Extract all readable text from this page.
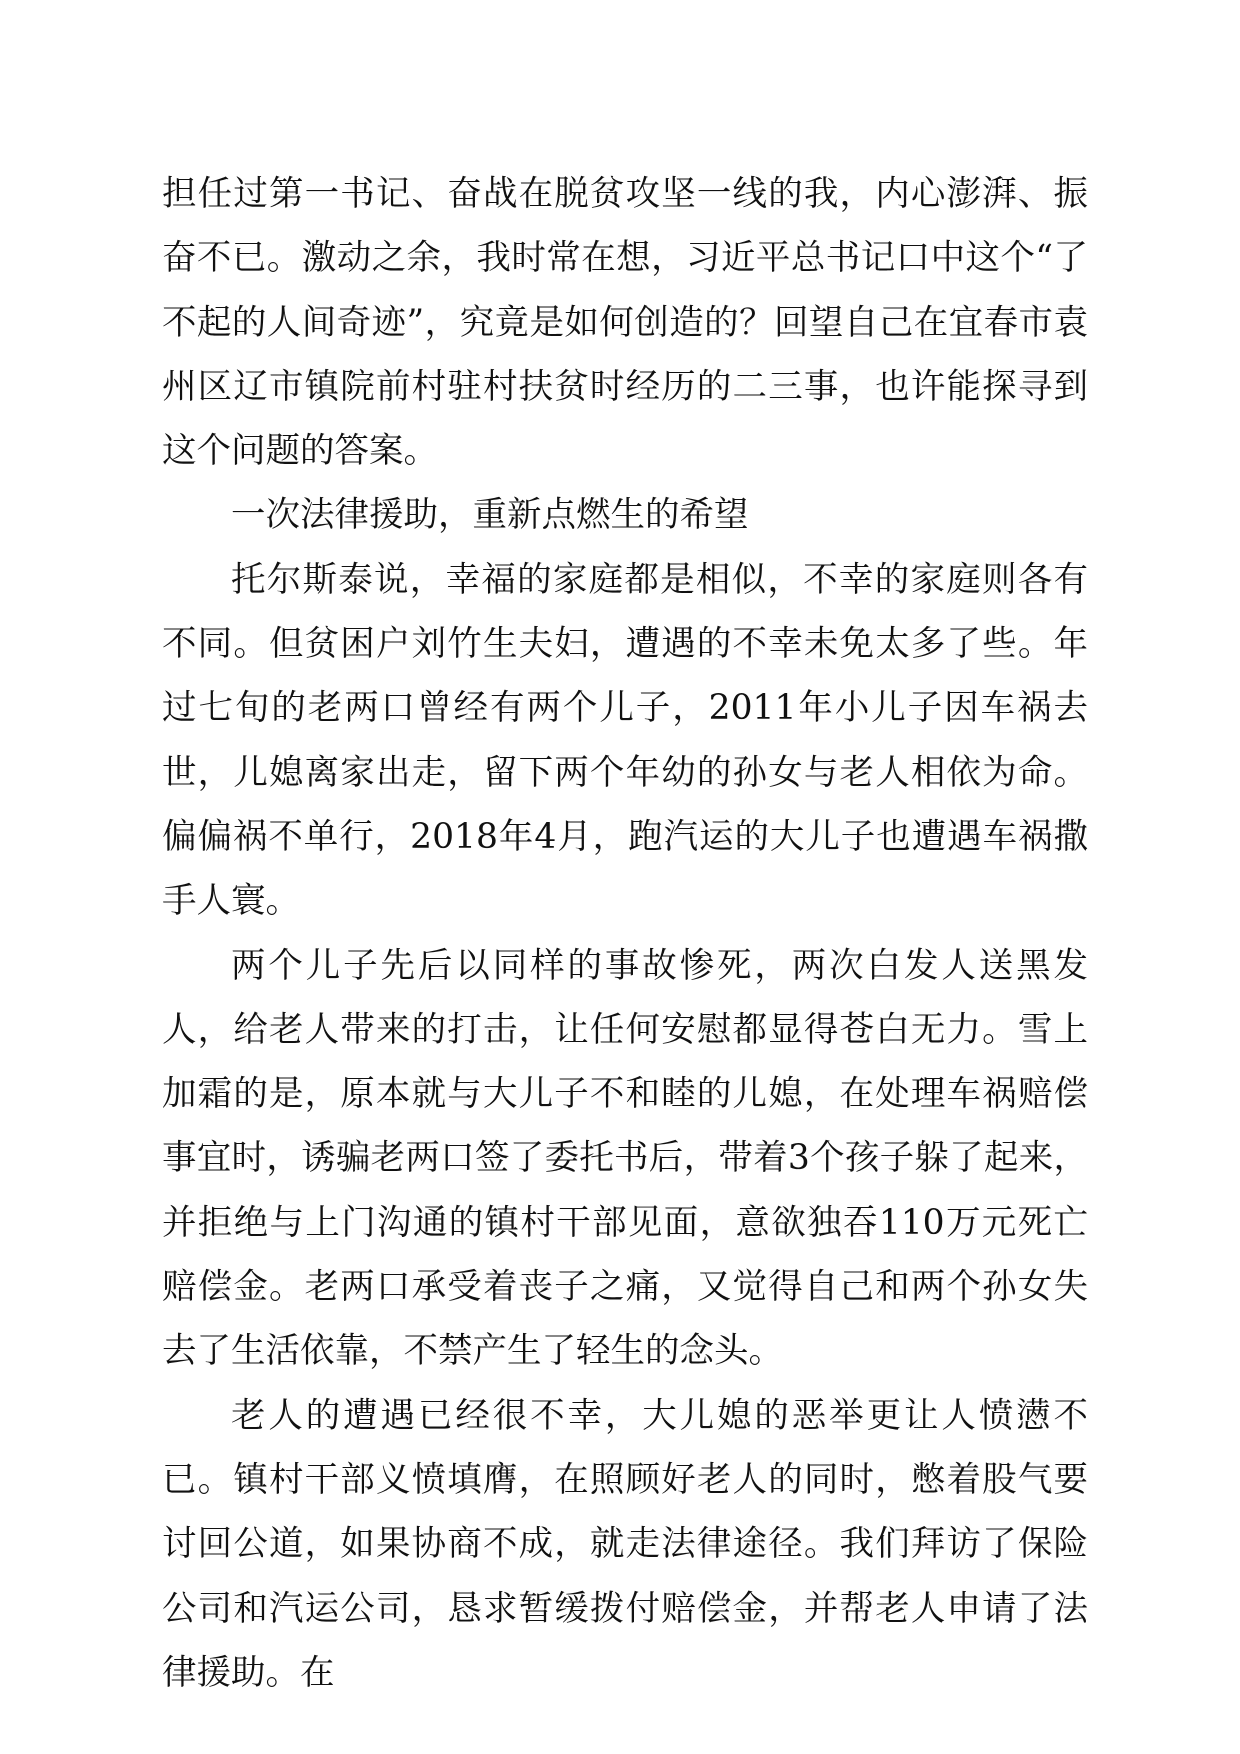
担任过第一书记、奋战在脱贫攻坚一线的我，内心澎湃、振奋不已。激动之余，我时常在想，习近平总书记口中这个“了不起的人间奇迹”，究竟是如何创造的？回望自己在宜春市袁州区辽市镇院前村驻村扶贫时经历的二三事，也许能探寻到这个问题的答案。

一次法律援助，重新点燃生的希望

托尔斯泰说，幸福的家庭都是相似，不幸的家庭则各有不同。但贫困户刘竹生夫妇，遭遇的不幸未免太多了些。年过七旬的老两口曾经有两个儿子，2011年小儿子因车祸去世，儿媳离家出走，留下两个年幼的孙女与老人相依为命。偏偏祸不单行，2018年4月，跑汽运的大儿子也遭遇车祸撒手人寰。

两个儿子先后以同样的事故惨死，两次白发人送黑发人，给老人带来的打击，让任何安慰都显得苍白无力。雪上加霜的是，原本就与大儿子不和睦的儿媳，在处理车祸赔偿事宜时，诱骗老两口签了委托书后，带着3个孩子躲了起来，并拒绝与上门沟通的镇村干部见面，意欲独吞110万元死亡赔偿金。老两口承受着丧子之痛，又觉得自己和两个孙女失去了生活依靠，不禁产生了轻生的念头。

老人的遭遇已经很不幸，大儿媳的恶举更让人愤懑不已。镇村干部义愤填膺，在照顾好老人的同时，憋着股气要讨回公道，如果协商不成，就走法律途径。我们拜访了保险公司和汽运公司，恳求暂缓拨付赔偿金，并帮老人申请了法律援助。在
